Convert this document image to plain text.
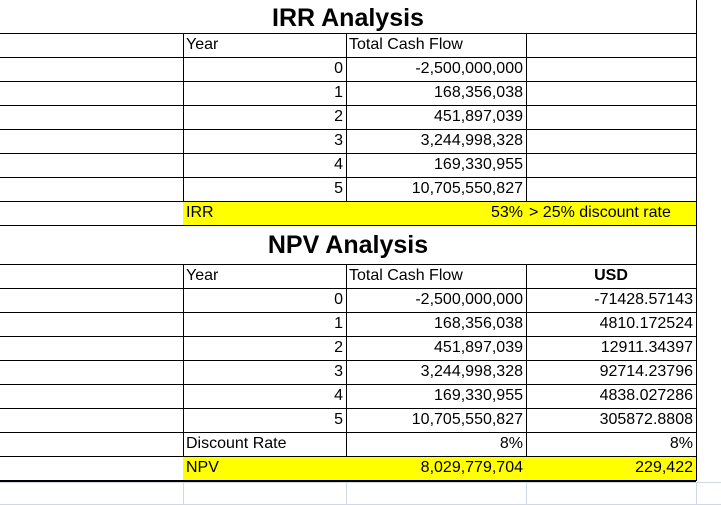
IRR Analysis
Year	Total Cash Flow
0	-2,500,000,000
1	168,356,038
2	451,897,039
3	3,244,998,328
4	169,330,955
5	10,705,550,827
IRR	53% > 25% discount rate
NPV Analysis
Year	Total Cash Flow	USD
0	-2,500,000,000	-71428.57143
1	168,356,038	4810.172524
2	451,897,039	12911.34397
3	3,244,998,328	92714.23796
4	169,330,955	4838.027286
5	10,705,550,827	305872.8808
Discount Rate	8%	8%
NPV	8,029,779,704	229,422
